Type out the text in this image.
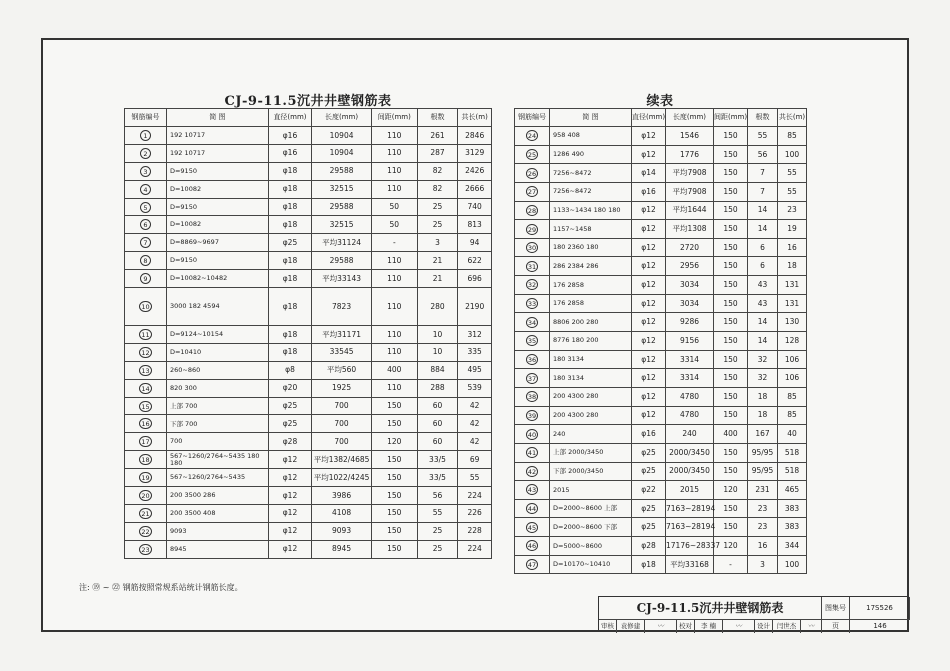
CJ-9-11.5沉井井壁钢筋表
钢筋编号	简 图	直径(mm)	长度(mm)	间距(mm)	根数	共长(m)
1	192 10717	φ16	10904	110	261	2846
2	192 10717	φ16	10904	110	287	3129
3	D=9150	φ18	29588	110	82	2426
4	D=10082	φ18	32515	110	82	2666
5	D=9150	φ18	29588	50	25	740
6	D=10082	φ18	32515	50	25	813
7	D=8869~9697	φ25	平均31124	-	3	94
8	D=9150	φ18	29588	110	21	622
9	D=10082~10482	φ18	平均33143	110	21	696
10	3000 182 4594	φ18	7823	110	280	2190
11	D=9124~10154	φ18	平均31171	110	10	312
12	D=10410	φ18	33545	110	10	335
13	260~860	φ8	平均560	400	884	495
14	820 300	φ20	1925	110	288	539
15	上部 700	φ25	700	150	60	42
16	下部 700	φ25	700	150	60	42
17	700	φ28	700	120	60	42
18	567~1260/2764~5435 180 180	φ12	平均1382/4685	150	33/5	69
19	567~1260/2764~5435	φ12	平均1022/4245	150	33/5	55
20	200 3500 286	φ12	3986	150	56	224
21	200 3500 408	φ12	4108	150	55	226
22	9093	φ12	9093	150	25	228
23	8945	φ12	8945	150	25	224
续表
钢筋编号	简 图	直径(mm)	长度(mm)	间距(mm)	根数	共长(m)
24	958 408	φ12	1546	150	55	85
25	1286 490	φ12	1776	150	56	100
26	7256~8472	φ14	平均7908	150	7	55
27	7256~8472	φ16	平均7908	150	7	55
28	1133~1434 180 180	φ12	平均1644	150	14	23
29	1157~1458	φ12	平均1308	150	14	19
30	180 2360 180	φ12	2720	150	6	16
31	286 2384 286	φ12	2956	150	6	18
32	176 2858	φ12	3034	150	43	131
33	176 2858	φ12	3034	150	43	131
34	8806 200 280	φ12	9286	150	14	130
35	8776 180 200	φ12	9156	150	14	128
36	180 3134	φ12	3314	150	32	106
37	180 3134	φ12	3314	150	32	106
38	200 4300 280	φ12	4780	150	18	85
39	200 4300 280	φ12	4780	150	18	85
40	240	φ16	240	400	167	40
41	上部 2000/3450	φ25	2000/3450	150	95/95	518
42	下部 2000/3450	φ25	2000/3450	150	95/95	518
43	2015	φ22	2015	120	231	465
44	D=2000~8600 上部	φ25	7163~28194	150	23	383
45	D=2000~8600 下部	φ25	7163~28194	150	23	383
46	D=5000~8600	φ28	17176~28337	120	16	344
47	D=10170~10410	φ18	平均33168	-	3	100
注: ⑲ ~ ㉒ 钢筋按照常规系站统计钢筋长度。
CJ-9-11.5沉井井壁钢筋表	图集号	17S526
审核	袁修建	〰	校对	李 楠	〰	设计	闫世杰	〰	页	146
